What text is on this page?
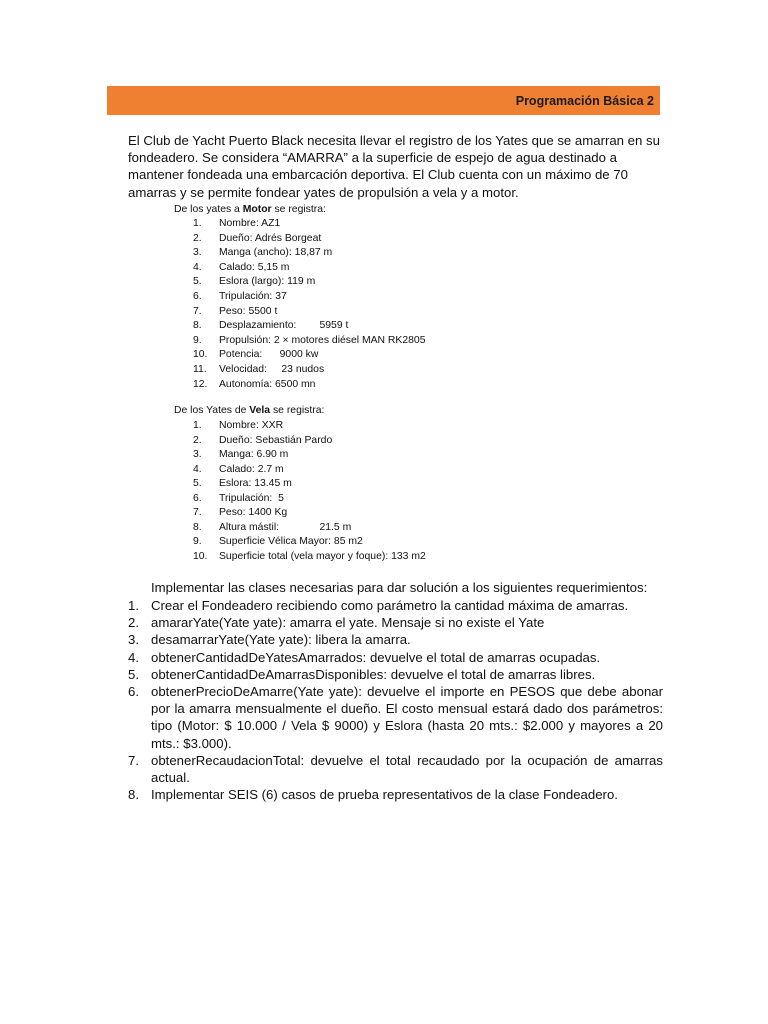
Programación Básica 2

El Club de Yacht Puerto Black necesita llevar el registro de los Yates que se amarran en su fondeadero. Se considera “AMARRA” a la superficie de espejo de agua destinado a mantener fondeada una embarcación deportiva. El Club cuenta con un máximo de 70 amarras y se permite fondear yates de propulsión a vela y a motor.

De los yates a Motor se registra:

1.	Nombre: AZ1
2.	Dueño: Adrés Borgeat
3.	Manga (ancho): 18,87 m
4.	Calado: 5,15 m
5.	Eslora (largo): 119 m
6.	Tripulación: 37
7.	Peso: 5500 t
8.	Desplazamiento:        5959 t
9.	Propulsión: 2 × motores diésel MAN RK2805
10.	Potencia:      9000 kw
11.	Velocidad:     23 nudos
12.	Autonomía: 6500 mn

De los Yates de Vela se registra:

1.	Nombre: XXR
2.	Dueño: Sebastián Pardo
3.	Manga: 6.90 m
4.	Calado: 2.7 m
5.	Eslora: 13.45 m
6.	Tripulación:  5
7.	Peso: 1400 Kg
8.	Altura mástil:              21.5 m
9.	Superficie Vélica Mayor: 85 m2
10.	Superficie total (vela mayor y foque): 133 m2

Implementar las clases necesarias para dar solución a los siguientes requerimientos:

1. Crear el Fondeadero recibiendo como parámetro la cantidad máxima de amarras.
2. amararYate(Yate yate): amarra el yate. Mensaje si no existe el Yate
3. desamarrarYate(Yate yate): libera la amarra.
4. obtenerCantidadDeYatesAmarrados: devuelve el total de amarras ocupadas.
5. obtenerCantidadDeAmarrasDisponibles: devuelve el total de amarras libres.
6. obtenerPrecioDeAmarre(Yate yate): devuelve el importe en PESOS que debe abonar por la amarra mensualmente el dueño. El costo mensual estará dado dos parámetros: tipo (Motor: $ 10.000 / Vela $ 9000) y Eslora (hasta 20 mts.: $2.000 y mayores a 20 mts.: $3.000).
7. obtenerRecaudacionTotal: devuelve el total recaudado por la ocupación de amarras actual.
8. Implementar SEIS (6) casos de prueba representativos de la clase Fondeadero.
